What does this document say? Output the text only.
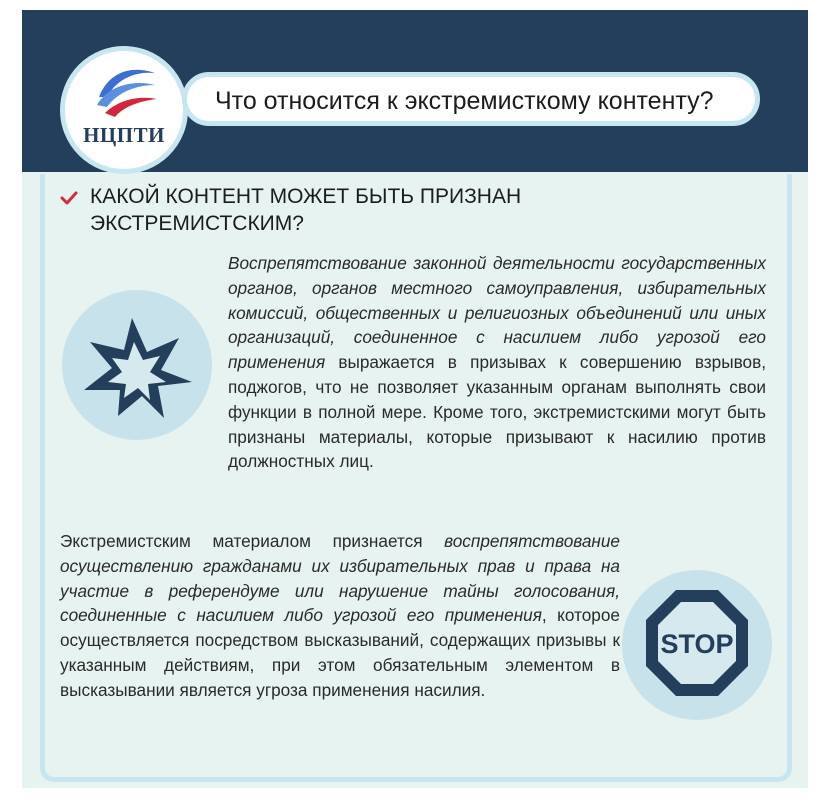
НЦПТИ
Что относится к экстремисткому контенту?
КАКОЙ КОНТЕНТ МОЖЕТ БЫТЬ ПРИЗНАН ЭКСТРЕМИСТСКИМ?

Воспрепятствование законной деятельности государственных органов, органов местного самоуправления, избирательных комиссий, общественных и религиозных объединений или иных организаций, соединенное с насилием либо угрозой его применения выражается в призывах к совершению взрывов, поджогов, что не позволяет указанным органам выполнять свои функции в полной мере. Кроме того, экстремистскими могут быть признаны материалы, которые призывают к насилию против должностных лиц.

Экстремистским материалом признается воспрепятствование осуществлению гражданами их избирательных прав и права на участие в референдуме или нарушение тайны голосования, соединенные с насилием либо угрозой его применения, которое осуществляется посредством высказываний, содержащих призывы к указанным действиям, при этом обязательным элементом в высказывании является угроза применения насилия.

STOP
